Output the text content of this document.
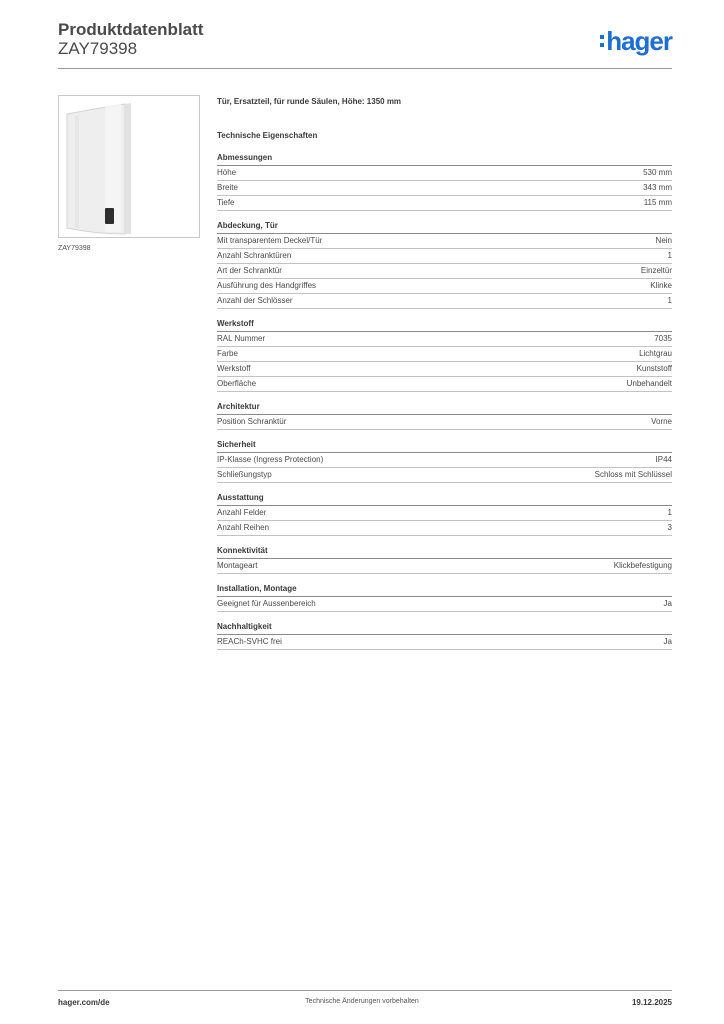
Produktdatenblatt
ZAY79398	hager
ZAY79398
Tür, Ersatzteil, für runde Säulen, Höhe: 1350 mm
Technische Eigenschaften
Abmessungen
Höhe	530 mm
Breite	343 mm
Tiefe	115 mm
Abdeckung, Tür
Mit transparentem Deckel/Tür	Nein
Anzahl Schranktüren	1
Art der Schranktür	Einzeltür
Ausführung des Handgriffes	Klinke
Anzahl der Schlösser	1
Werkstoff
RAL Nummer	7035
Farbe	Lichtgrau
Werkstoff	Kunststoff
Oberfläche	Unbehandelt
Architektur
Position Schranktür	Vorne
Sicherheit
IP-Klasse (Ingress Protection)	IP44
Schließungstyp	Schloss mit Schlüssel
Ausstattung
Anzahl Felder	1
Anzahl Reihen	3
Konnektivität
Montageart	Klickbefestigung
Installation, Montage
Geeignet für Aussenbereich	Ja
Nachhaltigkeit
REACh-SVHC frei	Ja
hager.com/de	Technische Änderungen vorbehalten	19.12.2025
